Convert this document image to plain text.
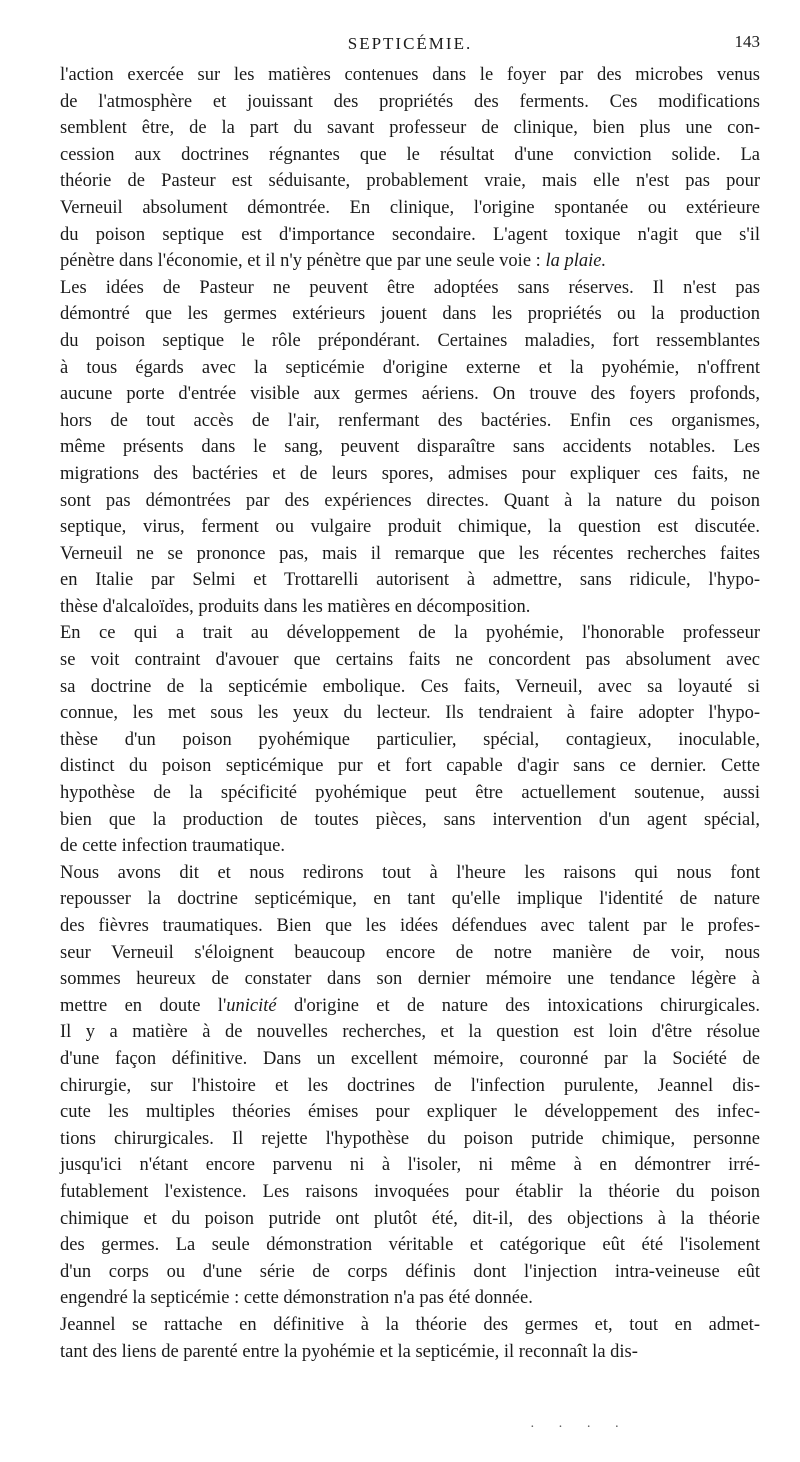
SEPTICÉMIE.	143
l'action exercée sur les matières contenues dans le foyer par des microbes venus
de l'atmosphère et jouissant des propriétés des ferments. Ces modifications
semblent être, de la part du savant professeur de clinique, bien plus une con-
cession aux doctrines régnantes que le résultat d'une conviction solide. La
théorie de Pasteur est séduisante, probablement vraie, mais elle n'est pas pour
Verneuil absolument démontrée. En clinique, l'origine spontanée ou extérieure
du poison septique est d'importance secondaire. L'agent toxique n'agit que s'il
pénètre dans l'économie, et il n'y pénètre que par une seule voie : la plaie.
Les idées de Pasteur ne peuvent être adoptées sans réserves. Il n'est pas
démontré que les germes extérieurs jouent dans les propriétés ou la production
du poison septique le rôle prépondérant. Certaines maladies, fort ressemblantes
à tous égards avec la septicémie d'origine externe et la pyohémie, n'offrent
aucune porte d'entrée visible aux germes aériens. On trouve des foyers profonds,
hors de tout accès de l'air, renfermant des bactéries. Enfin ces organismes,
même présents dans le sang, peuvent disparaître sans accidents notables. Les
migrations des bactéries et de leurs spores, admises pour expliquer ces faits, ne
sont pas démontrées par des expériences directes. Quant à la nature du poison
septique, virus, ferment ou vulgaire produit chimique, la question est discutée.
Verneuil ne se prononce pas, mais il remarque que les récentes recherches faites
en Italie par Selmi et Trottarelli autorisent à admettre, sans ridicule, l'hypo-
thèse d'alcaloïdes, produits dans les matières en décomposition.
En ce qui a trait au développement de la pyohémie, l'honorable professeur
se voit contraint d'avouer que certains faits ne concordent pas absolument avec
sa doctrine de la septicémie embolique. Ces faits, Verneuil, avec sa loyauté si
connue, les met sous les yeux du lecteur. Ils tendraient à faire adopter l'hypo-
thèse d'un poison pyohémique particulier, spécial, contagieux, inoculable,
distinct du poison septicémique pur et fort capable d'agir sans ce dernier. Cette
hypothèse de la spécificité pyohémique peut être actuellement soutenue, aussi
bien que la production de toutes pièces, sans intervention d'un agent spécial,
de cette infection traumatique.
Nous avons dit et nous redirons tout à l'heure les raisons qui nous font
repousser la doctrine septicémique, en tant qu'elle implique l'identité de nature
des fièvres traumatiques. Bien que les idées défendues avec talent par le profes-
seur Verneuil s'éloignent beaucoup encore de notre manière de voir, nous
sommes heureux de constater dans son dernier mémoire une tendance légère à
mettre en doute l'unicité d'origine et de nature des intoxications chirurgicales.
Il y a matière à de nouvelles recherches, et la question est loin d'être résolue
d'une façon définitive. Dans un excellent mémoire, couronné par la Société de
chirurgie, sur l'histoire et les doctrines de l'infection purulente, Jeannel dis-
cute les multiples théories émises pour expliquer le développement des infec-
tions chirurgicales. Il rejette l'hypothèse du poison putride chimique, personne
jusqu'ici n'étant encore parvenu ni à l'isoler, ni même à en démontrer irré-
futablement l'existence. Les raisons invoquées pour établir la théorie du poison
chimique et du poison putride ont plutôt été, dit-il, des objections à la théorie
des germes. La seule démonstration véritable et catégorique eût été l'isolement
d'un corps ou d'une série de corps définis dont l'injection intra-veineuse eût
engendré la septicémie : cette démonstration n'a pas été donnée.
Jeannel se rattache en définitive à la théorie des germes et, tout en admet-
tant des liens de parenté entre la pyohémie et la septicémie, il reconnaît la dis-
· · · ·
